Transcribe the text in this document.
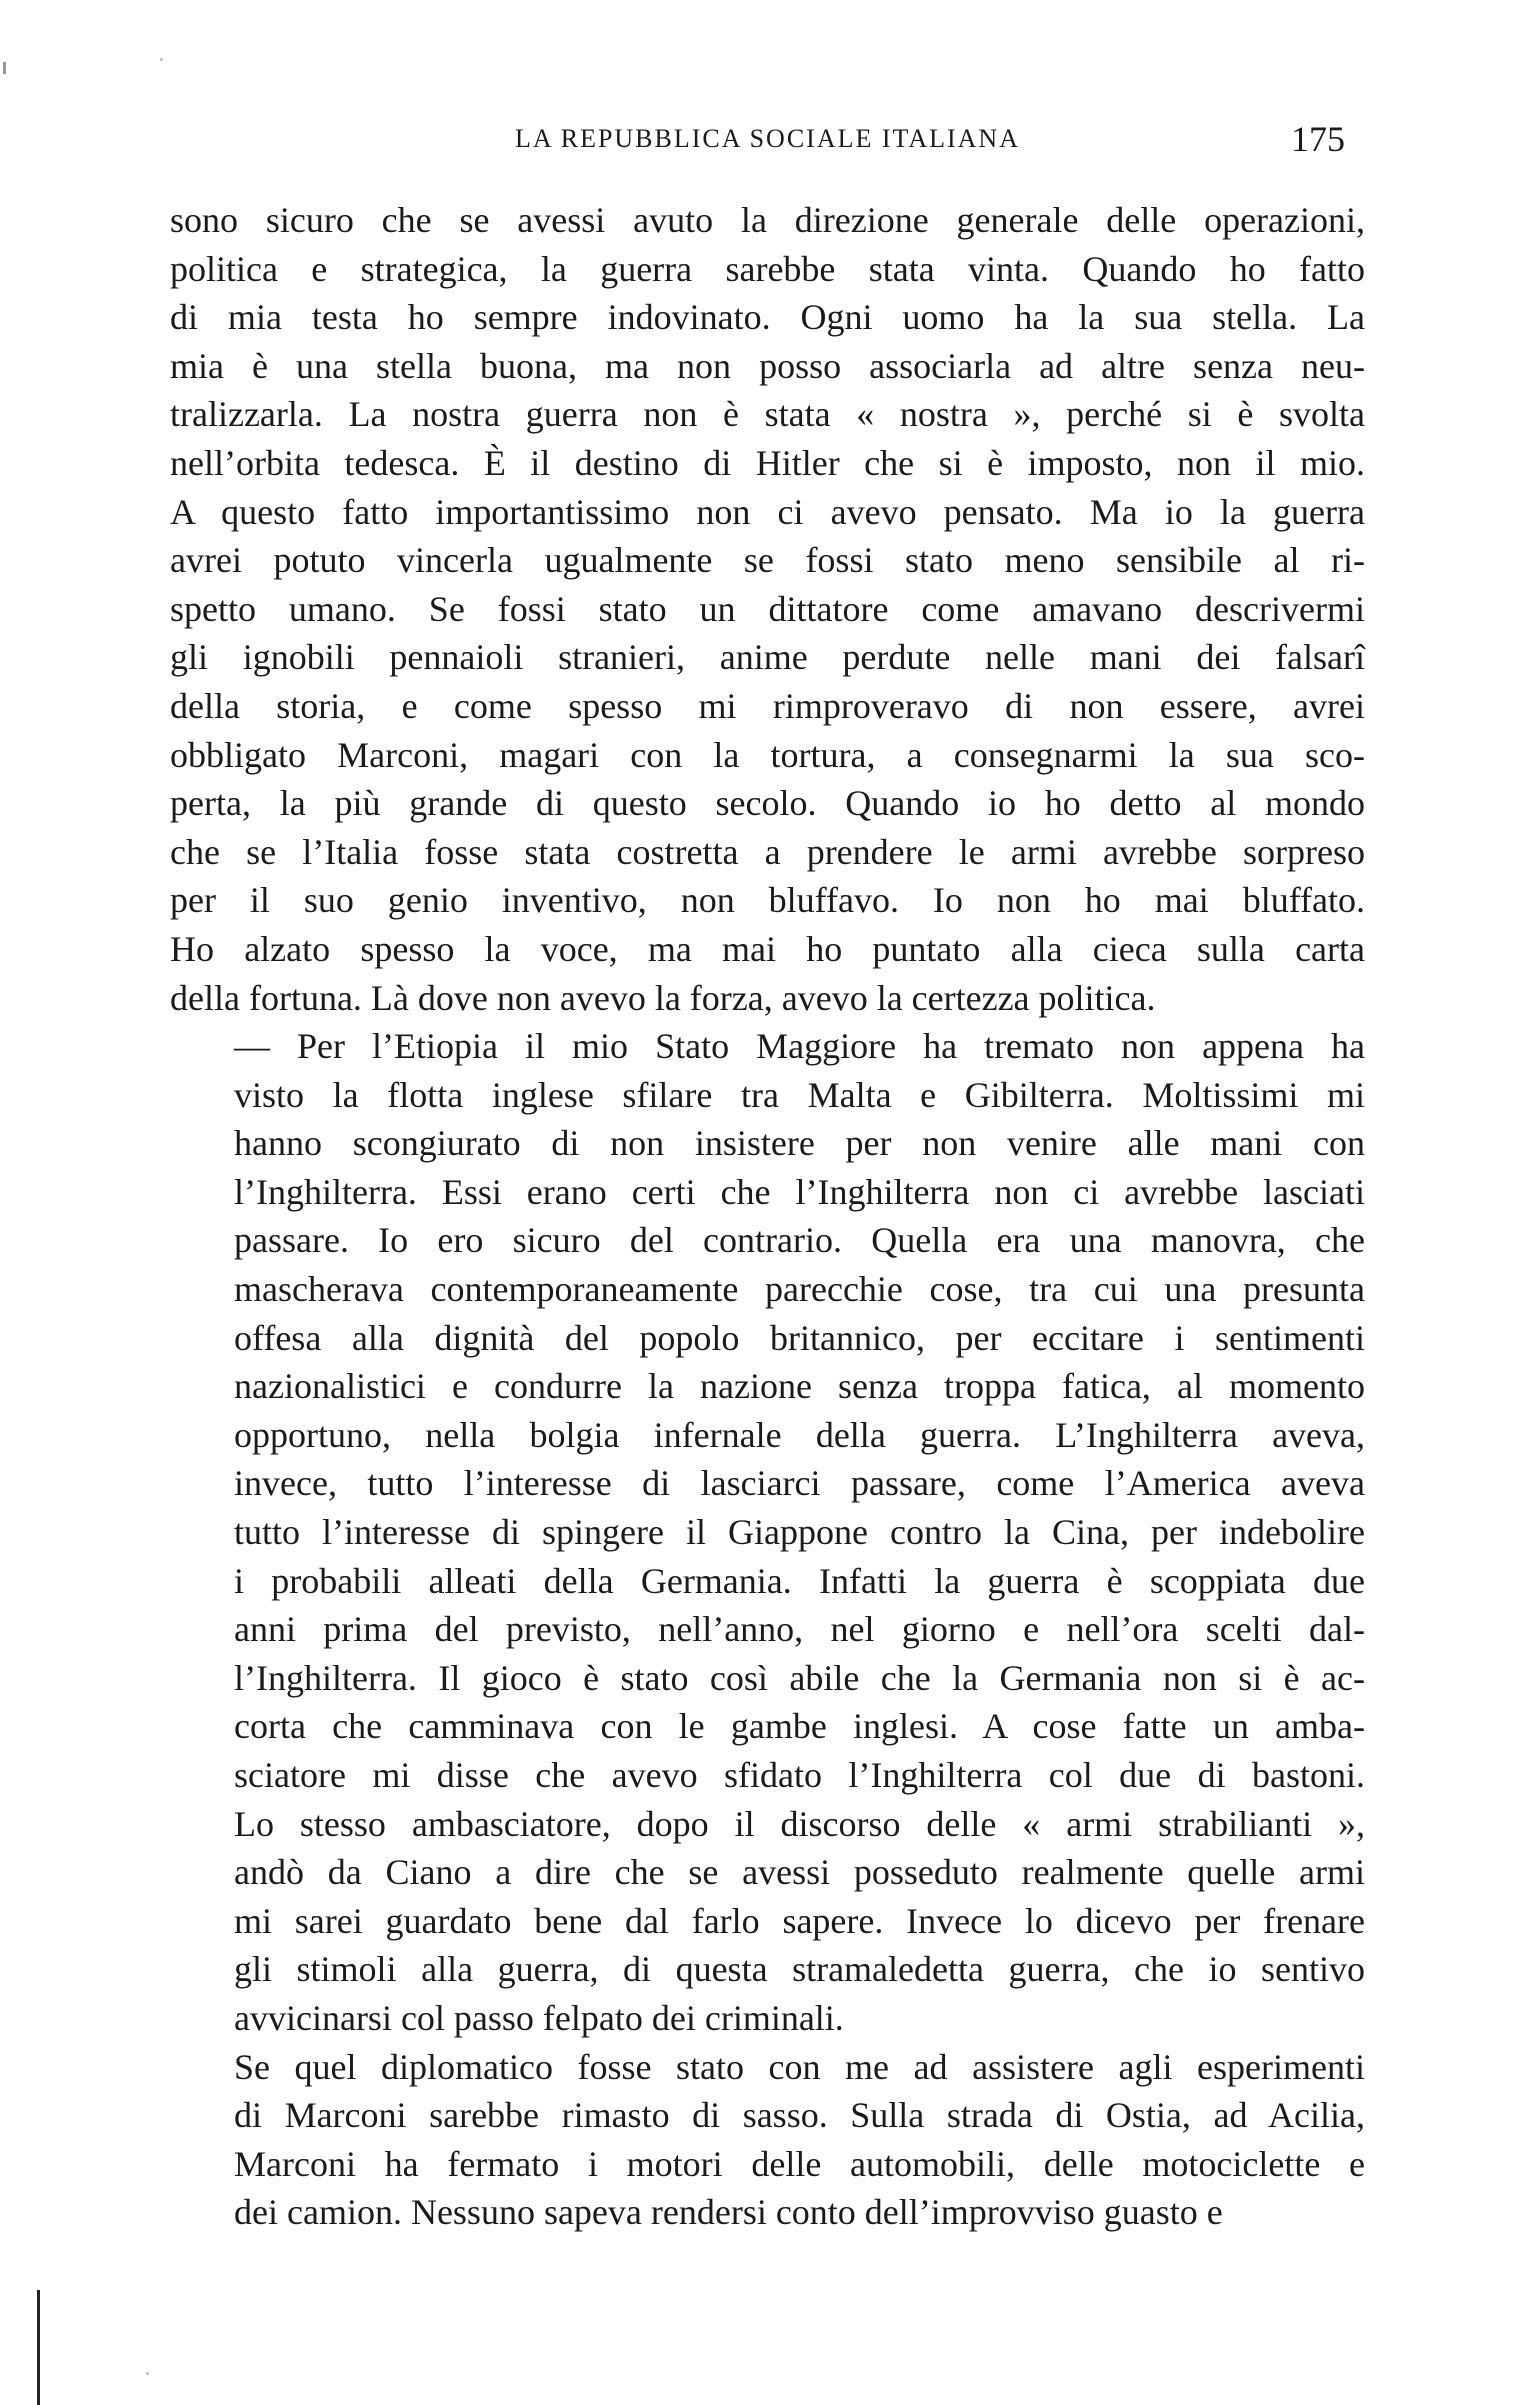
LA REPUBBLICA SOCIALE ITALIANA	175
sono sicuro che se avessi avuto la direzione generale delle operazioni,
politica e strategica, la guerra sarebbe stata vinta. Quando ho fatto
di mia testa ho sempre indovinato. Ogni uomo ha la sua stella. La
mia è una stella buona, ma non posso associarla ad altre senza neu-
tralizzarla. La nostra guerra non è stata « nostra », perché si è svolta
nell’orbita tedesca. È il destino di Hitler che si è imposto, non il mio.
A questo fatto importantissimo non ci avevo pensato. Ma io la guerra
avrei potuto vincerla ugualmente se fossi stato meno sensibile al ri-
spetto umano. Se fossi stato un dittatore come amavano descrivermi
gli ignobili pennaioli stranieri, anime perdute nelle mani dei falsarî
della storia, e come spesso mi rimproveravo di non essere, avrei
obbligato Marconi, magari con la tortura, a consegnarmi la sua sco-
perta, la più grande di questo secolo. Quando io ho detto al mondo
che se l’Italia fosse stata costretta a prendere le armi avrebbe sorpreso
per il suo genio inventivo, non bluffavo. Io non ho mai bluffato.
Ho alzato spesso la voce, ma mai ho puntato alla cieca sulla carta
della fortuna. Là dove non avevo la forza, avevo la certezza politica.
— Per l’Etiopia il mio Stato Maggiore ha tremato non appena ha
visto la flotta inglese sfilare tra Malta e Gibilterra. Moltissimi mi
hanno scongiurato di non insistere per non venire alle mani con
l’Inghilterra. Essi erano certi che l’Inghilterra non ci avrebbe lasciati
passare. Io ero sicuro del contrario. Quella era una manovra, che
mascherava contemporaneamente parecchie cose, tra cui una presunta
offesa alla dignità del popolo britannico, per eccitare i sentimenti
nazionalistici e condurre la nazione senza troppa fatica, al momento
opportuno, nella bolgia infernale della guerra. L’Inghilterra aveva,
invece, tutto l’interesse di lasciarci passare, come l’America aveva
tutto l’interesse di spingere il Giappone contro la Cina, per indebolire
i probabili alleati della Germania. Infatti la guerra è scoppiata due
anni prima del previsto, nell’anno, nel giorno e nell’ora scelti dal-
l’Inghilterra. Il gioco è stato così abile che la Germania non si è ac-
corta che camminava con le gambe inglesi. A cose fatte un amba-
sciatore mi disse che avevo sfidato l’Inghilterra col due di bastoni.
Lo stesso ambasciatore, dopo il discorso delle « armi strabilianti »,
andò da Ciano a dire che se avessi posseduto realmente quelle armi
mi sarei guardato bene dal farlo sapere. Invece lo dicevo per frenare
gli stimoli alla guerra, di questa stramaledetta guerra, che io sentivo
avvicinarsi col passo felpato dei criminali.
Se quel diplomatico fosse stato con me ad assistere agli esperimenti
di Marconi sarebbe rimasto di sasso. Sulla strada di Ostia, ad Acilia,
Marconi ha fermato i motori delle automobili, delle motociclette e
dei camion. Nessuno sapeva rendersi conto dell’improvviso guasto e
